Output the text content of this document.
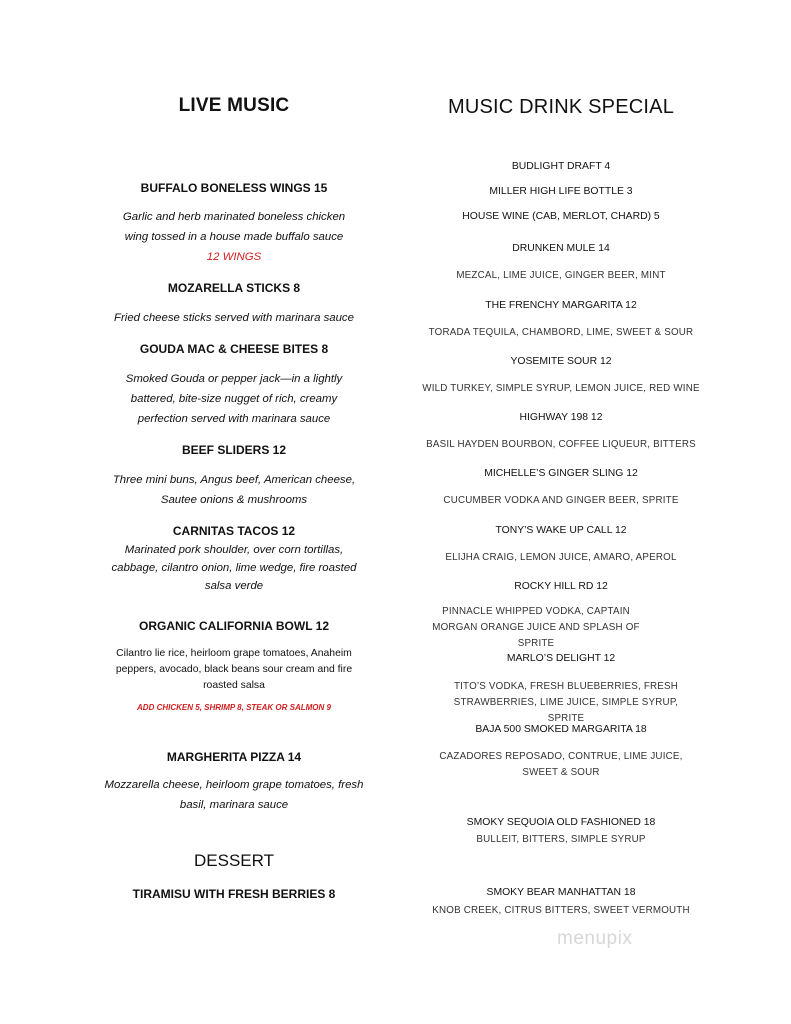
LIVE MUSIC
BUFFALO BONELESS WINGS 15
Garlic and herb marinated boneless chicken
wing tossed in a house made buffalo sauce
12 WINGS
MOZARELLA STICKS 8
Fried cheese sticks served with marinara sauce
GOUDA MAC & CHEESE BITES 8
Smoked Gouda or pepper jack—in a lightly
battered, bite-size nugget of rich, creamy
perfection served with marinara sauce
BEEF SLIDERS 12
Three mini buns, Angus beef, American cheese,
Sautee onions & mushrooms
CARNITAS TACOS 12
Marinated pork shoulder, over corn tortillas,
cabbage, cilantro onion, lime wedge, fire roasted
salsa verde
ORGANIC CALIFORNIA BOWL 12
Cilantro lie rice, heirloom grape tomatoes, Anaheim
peppers, avocado, black beans sour cream and fire
roasted salsa
ADD CHICKEN 5, SHRIMP 8, STEAK OR SALMON 9
MARGHERITA PIZZA 14
Mozzarella cheese, heirloom grape tomatoes, fresh
basil, marinara sauce
DESSERT
TIRAMISU WITH FRESH BERRIES 8
MUSIC DRINK SPECIAL
BUDLIGHT DRAFT 4
MILLER HIGH LIFE BOTTLE 3
HOUSE WINE (CAB, MERLOT, CHARD) 5
DRUNKEN MULE 14
MEZCAL, LIME JUICE, GINGER BEER, MINT
THE FRENCHY MARGARITA 12
TORADA TEQUILA, CHAMBORD, LIME, SWEET & SOUR
YOSEMITE SOUR 12
WILD TURKEY, SIMPLE SYRUP, LEMON JUICE, RED WINE
HIGHWAY 198 12
BASIL HAYDEN BOURBON, COFFEE LIQUEUR, BITTERS
MICHELLE’S GINGER SLING 12
CUCUMBER VODKA AND GINGER BEER, SPRITE
TONY’S WAKE UP CALL 12
ELIJHA CRAIG, LEMON JUICE, AMARO, APEROL
ROCKY HILL RD 12
PINNACLE WHIPPED VODKA, CAPTAIN MORGAN ORANGE JUICE AND SPLASH OF SPRITE
MARLO’S DELIGHT 12
TITO’S VODKA, FRESH BLUEBERRIES, FRESH STRAWBERRIES, LIME JUICE, SIMPLE SYRUP, SPRITE
BAJA 500 SMOKED MARGARITA 18
CAZADORES REPOSADO, CONTRUE, LIME JUICE, SWEET & SOUR
SMOKY SEQUOIA OLD FASHIONED 18
BULLEIT, BITTERS, SIMPLE SYRUP
SMOKY BEAR MANHATTAN 18
KNOB CREEK, CITRUS BITTERS, SWEET VERMOUTH
menupix
